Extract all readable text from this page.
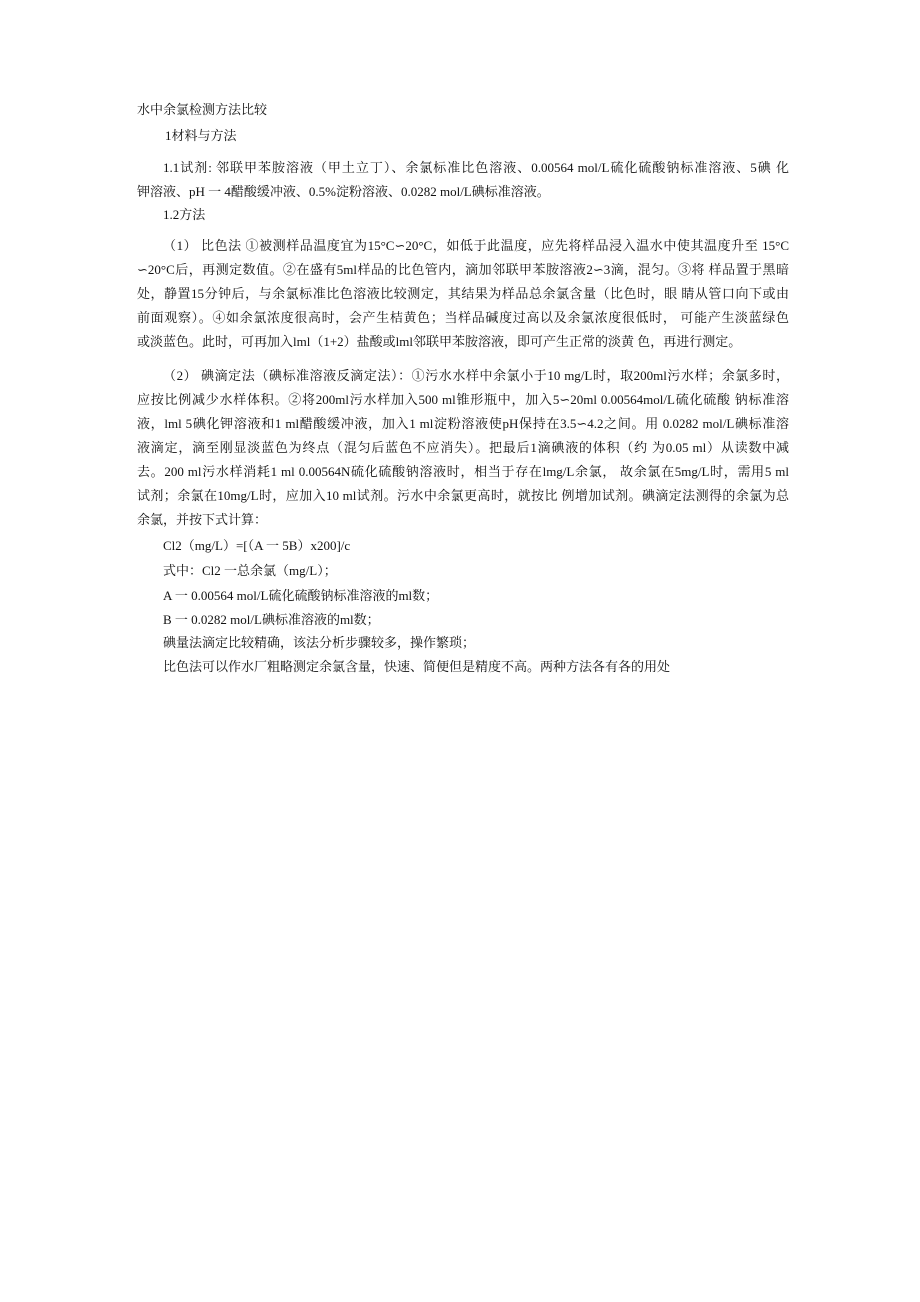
水中余氯检测方法比较
1材料与方法
1.1试剂: 邻联甲苯胺溶液（甲土立丁）、余氯标准比色溶液、0.00564 mol/L硫化硫酸钠标准溶液、5碘 化
钾溶液、pH 一 4醋酸缓冲液、0.5%淀粉溶液、0.0282 mol/L碘标准溶液。
1.2方法
（1） 比色法 ①被测样品温度宜为15°C∽20°C，如低于此温度，应先将样品浸入温水中使其温度升至 15°C
∽20°C后，再测定数值。②在盛有5ml样品的比色管内，滴加邻联甲苯胺溶液2∽3滴，混匀。③将 样品置于黑暗
处，静置15分钟后，与余氯标准比色溶液比较测定，其结果为样品总余氯含量（比色时，眼 睛从管口向下或由
前面观察）。④如余氯浓度很高时，会产生桔黄色；当样品碱度过高以及余氯浓度很低时， 可能产生淡蓝绿色
或淡蓝色。此时，可再加入lml（1+2）盐酸或lml邻联甲苯胺溶液，即可产生正常的淡黄 色，再进行测定。
（2） 碘滴定法（碘标准溶液反滴定法）：①污水水样中余氯小于10 mg/L时，取200ml污水样；余氯多时，
应按比例减少水样体积。②将200ml污水样加入500 ml锥形瓶中，加入5∽20ml 0.00564mol/L硫化硫酸 钠标准溶
液，lml 5碘化钾溶液和1 ml醋酸缓冲液，加入1 ml淀粉溶液使pH保持在3.5∽4.2之间。用 0.0282 mol/L碘标准溶
液滴定，滴至刚显淡蓝色为终点（混匀后蓝色不应消失）。把最后1滴碘液的体积（约 为0.05 ml）从读数中减
去。200 ml污水样消耗1 ml 0.00564N硫化硫酸钠溶液时，相当于存在lmg/L余氯， 故余氯在5mg/L时，需用5 ml
试剂；余氯在10mg/L时，应加入10 ml试剂。污水中余氯更高时，就按比 例增加试剂。碘滴定法测得的余氯为总
余氯，并按下式计算：
Cl2（mg/L）=[（A 一 5B）x200]/c
式中：Cl2 一总余氯（mg/L）；
A 一 0.00564 mol/L硫化硫酸钠标准溶液的ml数；
B 一 0.0282 mol/L碘标准溶液的ml数；
碘量法滴定比较精确，该法分析步骤较多，操作繁琐；
比色法可以作水厂粗略测定余氯含量，快速、简便但是精度不高。两种方法各有各的用处
